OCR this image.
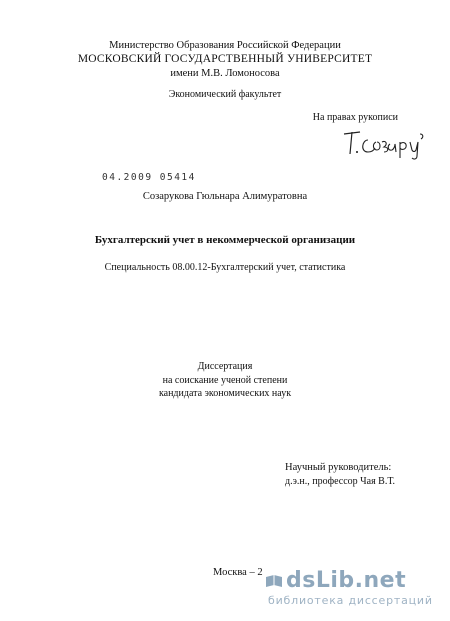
Министерство Образования Российской Федерации
МОСКОВСКИЙ ГОСУДАРСТВЕННЫЙ УНИВЕРСИТЕТ
имени М.В. Ломоносова
Экономический факультет
На правах рукописи
04.2009 05414
Созарукова Гюльнара Алимуратовна
Бухгалтерский учет в некоммерческой организации
Специальность 08.00.12-Бухгалтерский учет, статистика
Диссертация
на соискание ученой степени
кандидата экономических наук
Научный руководитель:
д.э.н., профессор Чая В.Т.
Москва – 2 dsLib.net
библиотека диссертаций
